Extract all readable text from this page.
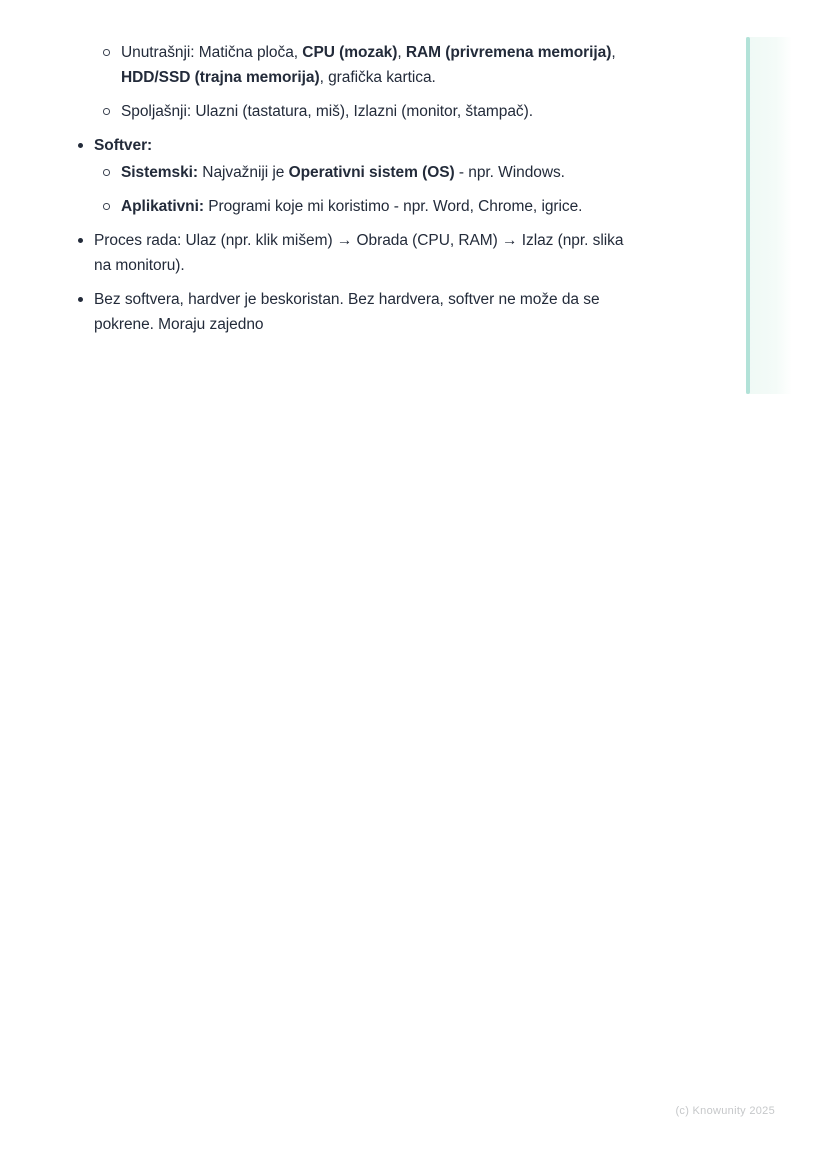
Unutrašnji: Matična ploča, CPU (mozak), RAM (privremena memorija), HDD/SSD (trajna memorija), grafička kartica.
Spoljašnji: Ulazni (tastatura, miš), Izlazni (monitor, štampač).
Softver:
Sistemski: Najvažniji je Operativni sistem (OS) - npr. Windows.
Aplikativni: Programi koje mi koristimo - npr. Word, Chrome, igrice.
Proces rada: Ulaz (npr. klik mišem) → Obrada (CPU, RAM) → Izlaz (npr. slika na monitoru).
Bez softvera, hardver je beskoristan. Bez hardvera, softver ne može da se pokrene. Moraju zajedno
(c) Knowunity 2025
